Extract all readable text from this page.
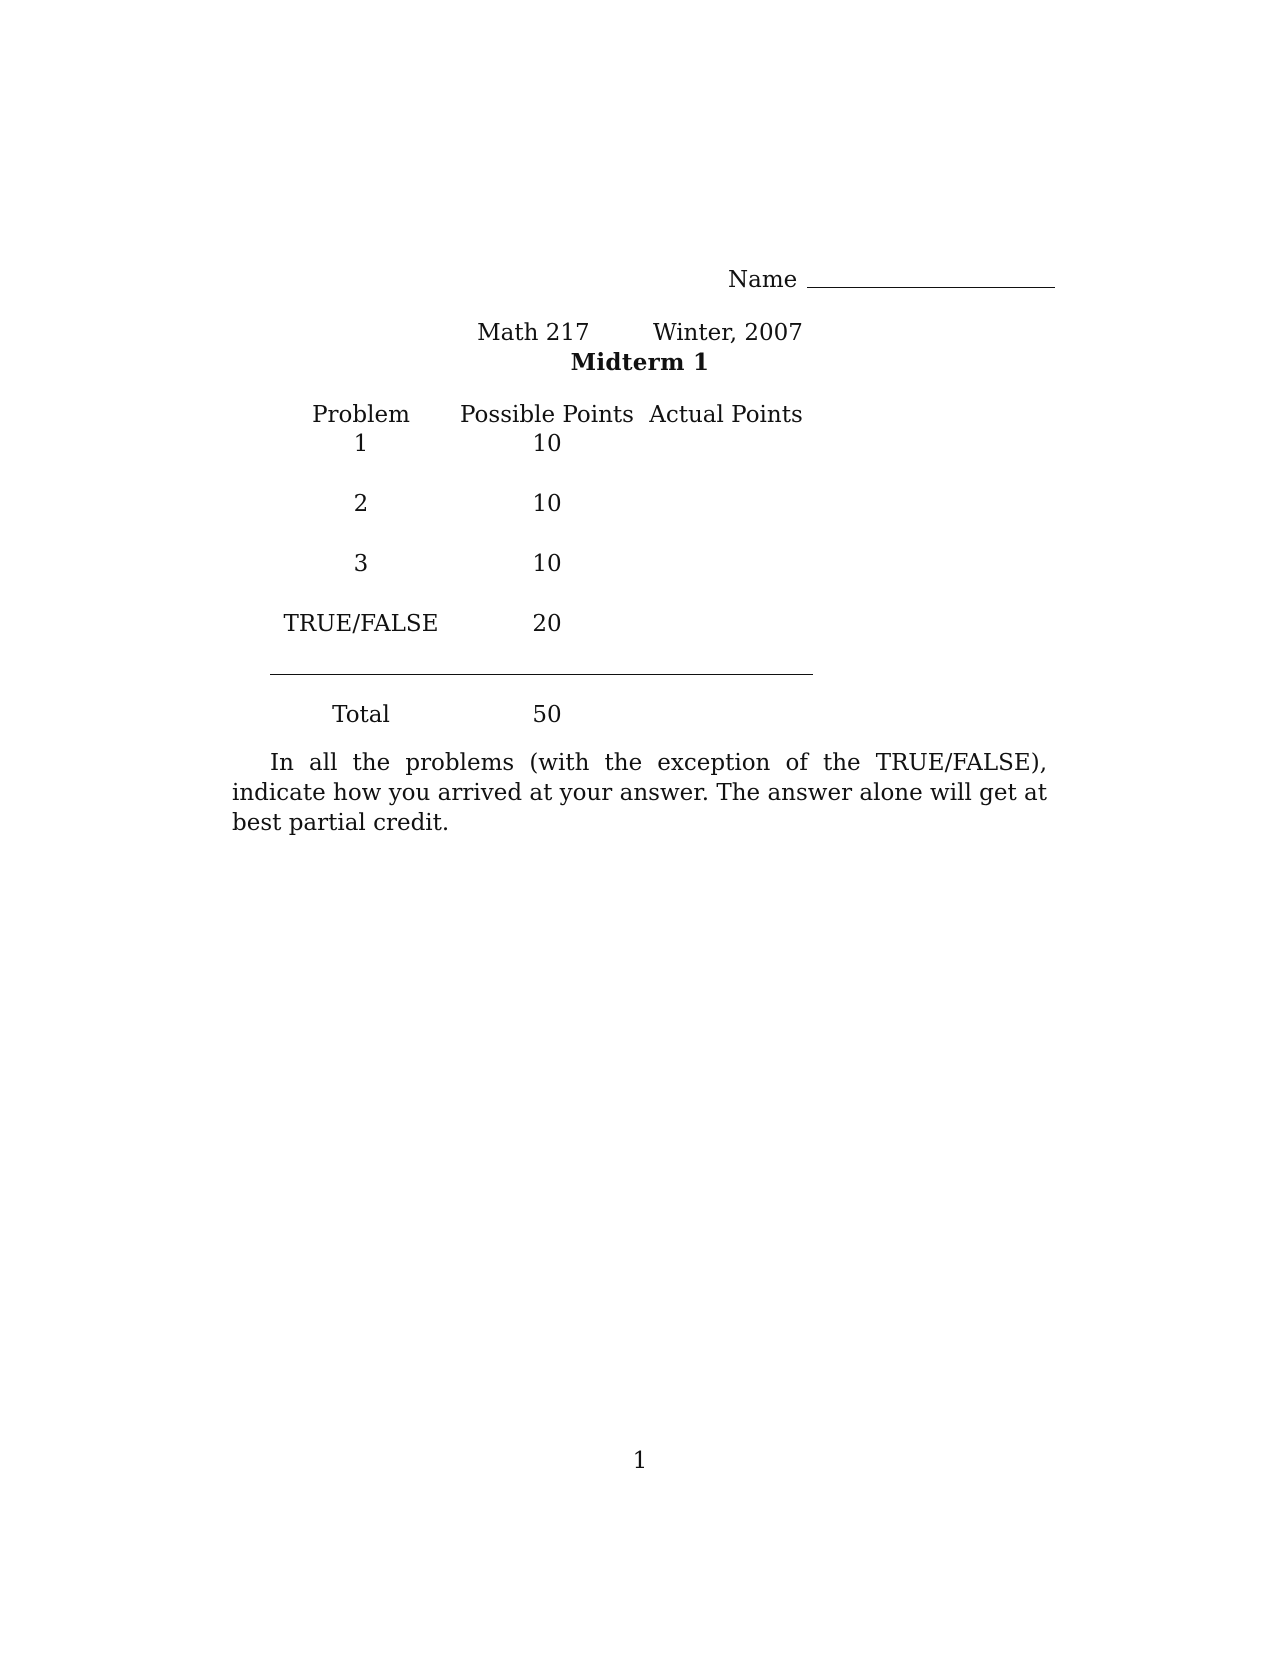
Name
Math 217	Winter, 2007
Midterm 1
Problem Possible Points Actual Points
1	10
2	10
3	10
TRUE/FALSE	20
Total	50

In all the problems (with the exception of the TRUE/FALSE), indicate how you arrived at your answer. The answer alone will get at best partial credit.

1
